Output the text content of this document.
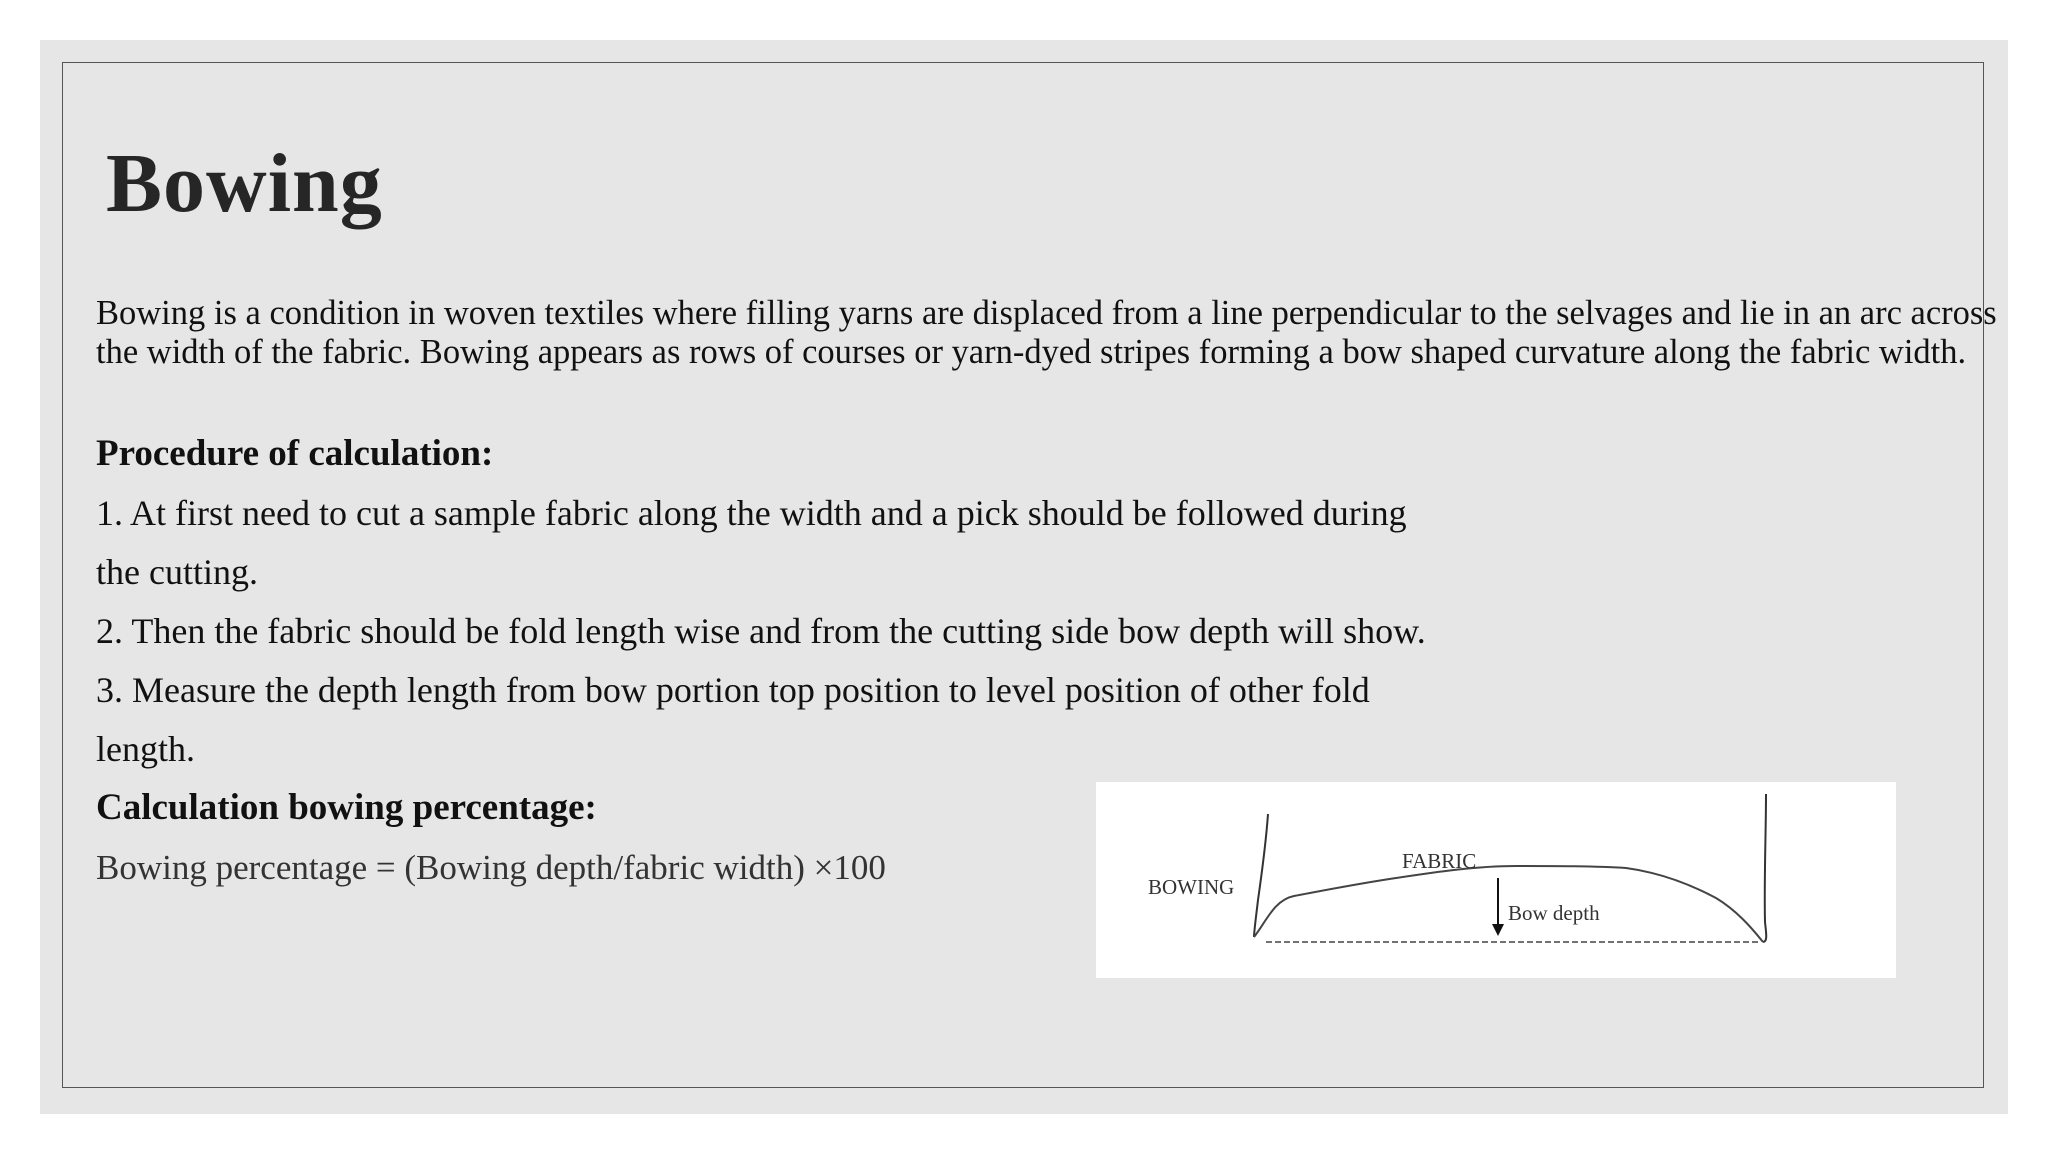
Bowing

Bowing is a condition in woven textiles where filling yarns are displaced from a line perpendicular to the selvages and lie in an arc across the width of the fabric. Bowing appears as rows of courses or yarn-dyed stripes forming a bow shaped curvature along the fabric width.

Procedure of calculation:

1. At first need to cut a sample fabric along the width and a pick should be followed during

the cutting.

2. Then the fabric should be fold length wise and from the cutting side bow depth will show.

3. Measure the depth length from bow portion top position to level position of other fold

length.

Calculation bowing percentage:

Bowing percentage = (Bowing depth/fabric width) ×100	BOWING
FABRIC
Bow depth
